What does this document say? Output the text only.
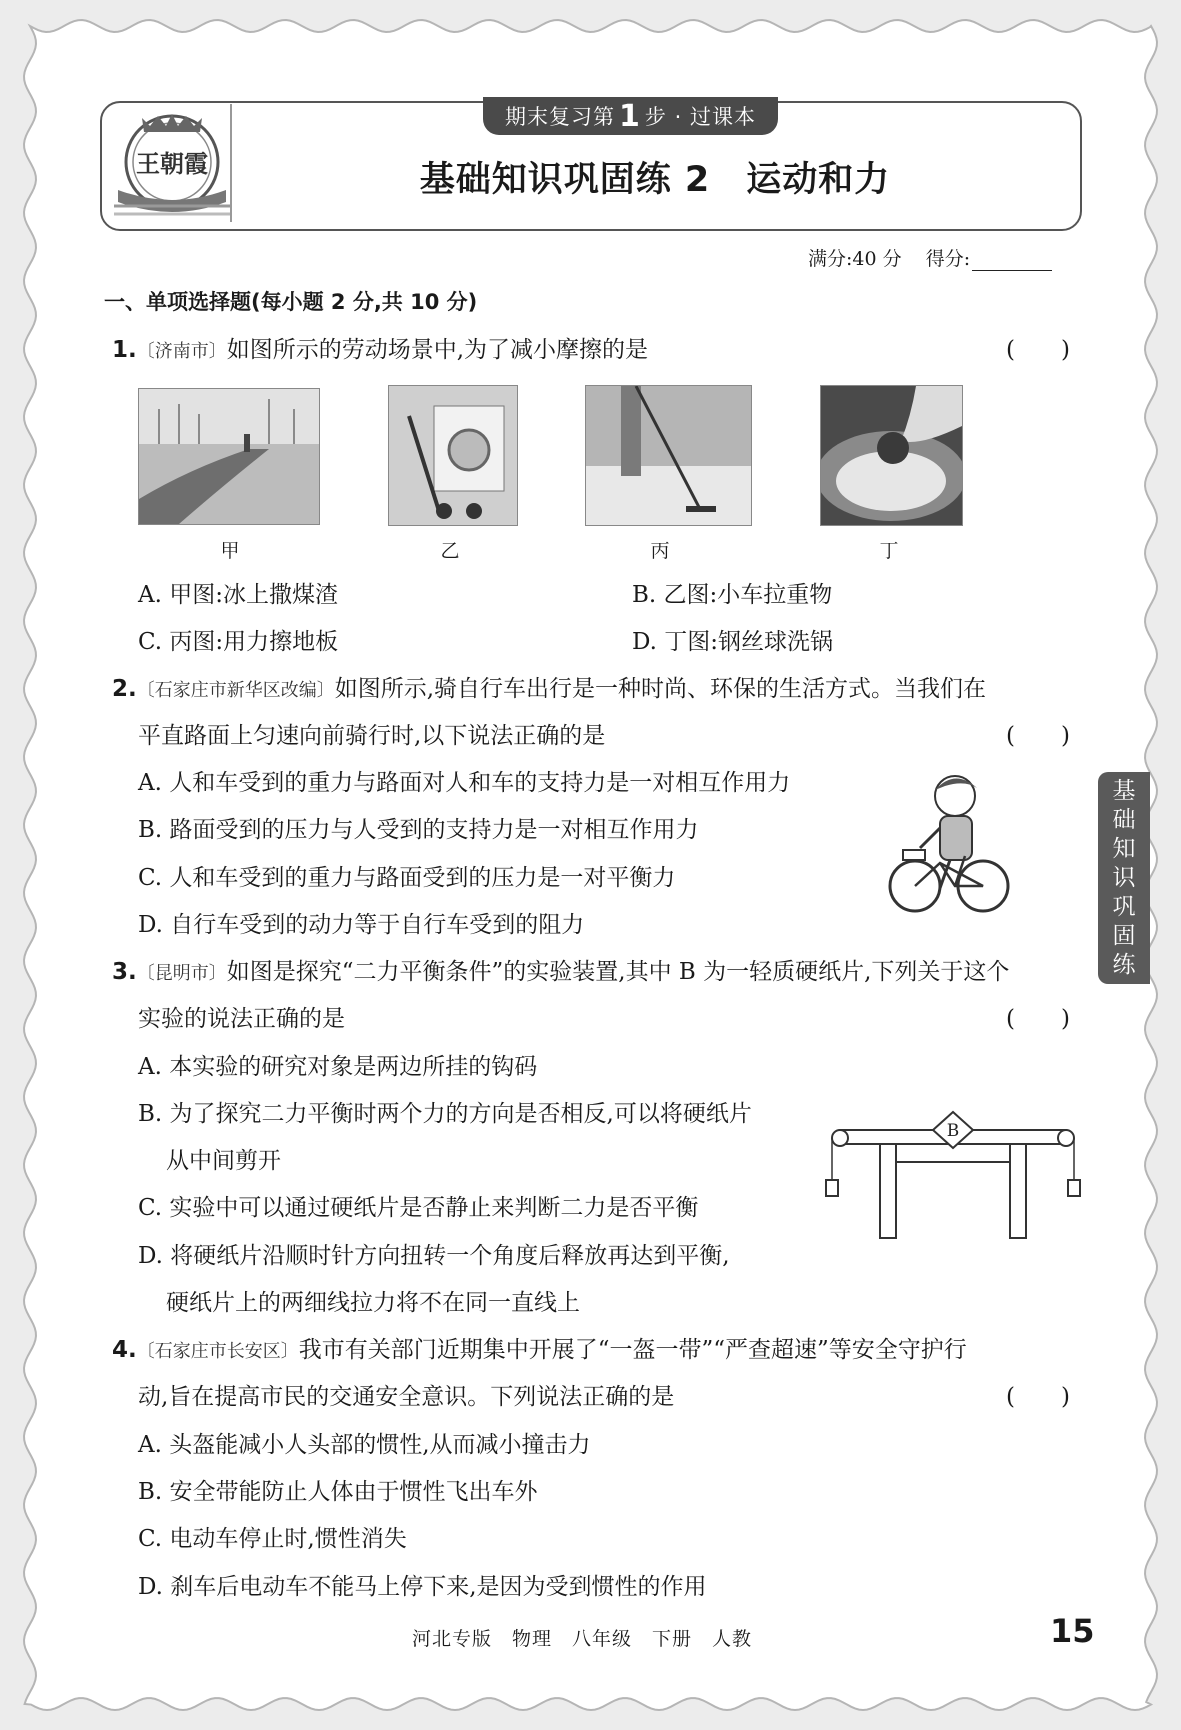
王朝霞
期末复习第 1 步 · 过课本
基础知识巩固练 2　运动和力
满分:40 分 得分:
一、单项选择题(每小题 2 分,共 10 分)
1.〔济南市〕如图所示的劳动场景中,为了减小摩擦的是	(　　)
甲	乙	丙	丁
A. 甲图:冰上撒煤渣	B. 乙图:小车拉重物
C. 丙图:用力擦地板	D. 丁图:钢丝球洗锅
2.〔石家庄市新华区改编〕如图所示,骑自行车出行是一种时尚、环保的生活方式。当我们在
平直路面上匀速向前骑行时,以下说法正确的是	(　　)
A. 人和车受到的重力与路面对人和车的支持力是一对相互作用力
B. 路面受到的压力与人受到的支持力是一对相互作用力
C. 人和车受到的重力与路面受到的压力是一对平衡力
D. 自行车受到的动力等于自行车受到的阻力
3.〔昆明市〕如图是探究“二力平衡条件”的实验装置,其中 B 为一轻质硬纸片,下列关于这个
实验的说法正确的是	(　　)
A. 本实验的研究对象是两边所挂的钩码
B. 为了探究二力平衡时两个力的方向是否相反,可以将硬纸片
从中间剪开
C. 实验中可以通过硬纸片是否静止来判断二力是否平衡
D. 将硬纸片沿顺时针方向扭转一个角度后释放再达到平衡,
硬纸片上的两细线拉力将不在同一直线上
B
4.〔石家庄市长安区〕我市有关部门近期集中开展了“一盔一带”“严查超速”等安全守护行
动,旨在提高市民的交通安全意识。下列说法正确的是	(　　)
A. 头盔能减小人头部的惯性,从而减小撞击力
B. 安全带能防止人体由于惯性飞出车外
C. 电动车停止时,惯性消失
D. 刹车后电动车不能马上停下来,是因为受到惯性的作用
基
础
知
识
巩
固
练
河北专版　物理　八年级　下册　人教	15
